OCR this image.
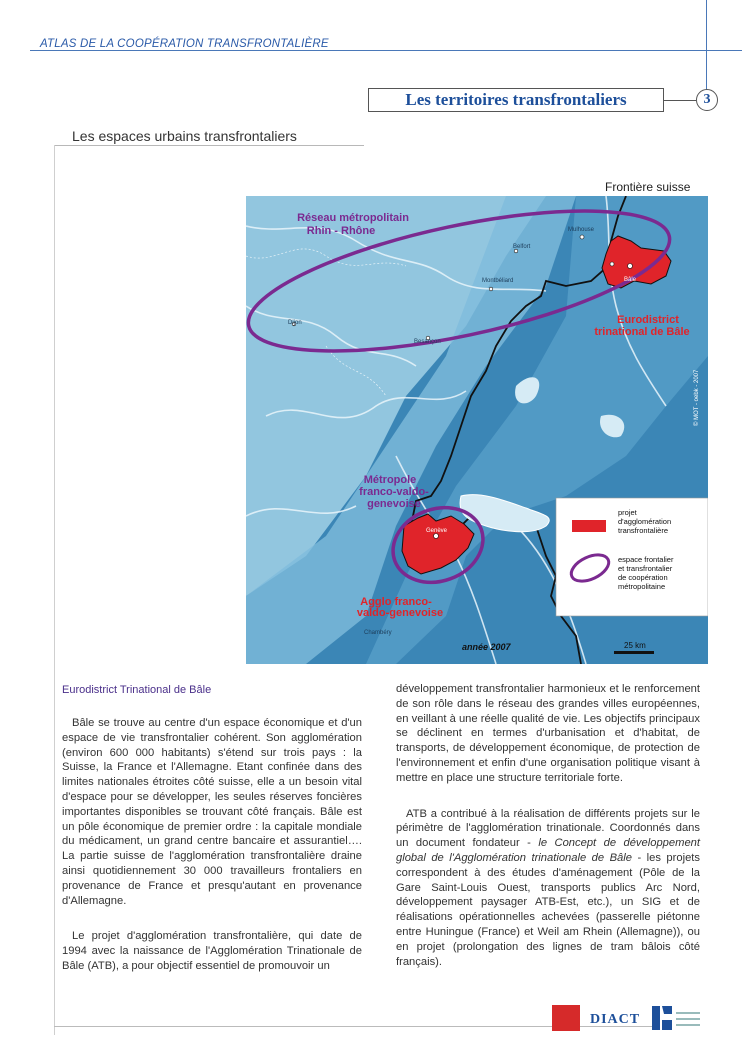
ATLAS DE LA COOPÉRATION TRANSFRONTALIÈRE
Les territoires transfrontaliers	3
Les espaces urbains transfrontaliers
Frontière suisse
Mulhouse
Belfort
Montbéliard
Besançon
Dijon
Bâle
Genève
Chambéry
Réseau métropolitain
Rhin - Rhône
Métropole
franco-valdo-
genevoise
Eurodistrict
trinational de Bâle
Agglo franco-
valdo-genevoise
année 2007	25 km
© MOT - oebk - 2007
projet
d'agglomération
transfrontalière
espace frontalier
et transfrontalier
de coopération
métropolitaine
Eurodistrict Trinational de Bâle

Bâle se trouve au centre d'un espace économique et d'un espace de vie transfrontalier cohérent. Son agglomération (environ 600 000 habitants) s'étend sur trois pays : la Suisse, la France et l'Allemagne. Etant confinée dans des limites nationales étroites côté suisse, elle a un besoin vital d'espace pour se développer, les seules réserves foncières importantes disponibles se trouvant côté français. Bâle est un pôle économique de premier ordre : la capitale mondiale du médicament, un grand centre bancaire et assurantiel…. La partie suisse de l'agglomération transfrontalière draine ainsi quotidiennement 30 000 travailleurs frontaliers en provenance de France et presqu'autant en provenance d'Allemagne.

Le projet d'agglomération transfrontalière, qui date de 1994 avec la naissance de l'Agglomération Trinationale de Bâle (ATB), a pour objectif essentiel de promouvoir un

développement transfrontalier harmonieux et le renforcement de son rôle dans le réseau des grandes villes européennes, en veillant à une réelle qualité de vie. Les objectifs principaux se déclinent en termes d'urbanisation et d'habitat, de transports, de développement économique, de protection de l'environnement et enfin d'une organisation politique visant à mettre en place une structure territoriale forte.

ATB a contribué à la réalisation de différents projets sur le périmètre de l'agglomération trinationale. Coordonnés dans un document fondateur - le Concept de développement global de l'Agglomération trinationale de Bâle - les projets correspondent à des études d'aménagement (Pôle de la Gare Saint-Louis Ouest, transports publics Arc Nord, développement paysager ATB-Est, etc.), un SIG et de réalisations opérationnelles achevées (passerelle piétonne entre Huningue (France) et Weil am Rhein (Allemagne)), ou en projet (prolongation des lignes de tram bâlois côté français).

DIACT
